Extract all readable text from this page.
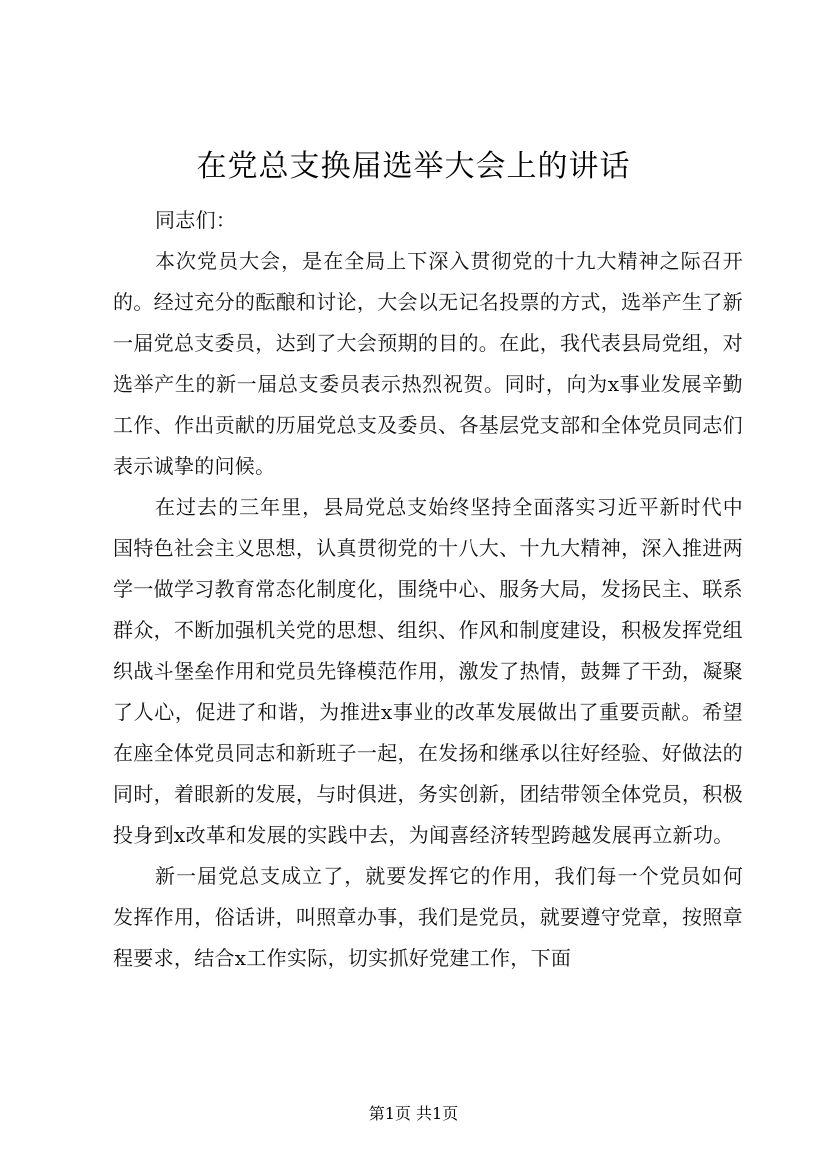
在党总支换届选举大会上的讲话

同志们：

本次党员大会，是在全局上下深入贯彻党的十九大精神之际召开的。经过充分的酝酿和讨论，大会以无记名投票的方式，选举产生了新一届党总支委员，达到了大会预期的目的。在此，我代表县局党组，对选举产生的新一届总支委员表示热烈祝贺。同时，向为x事业发展辛勤工作、作出贡献的历届党总支及委员、各基层党支部和全体党员同志们表示诚挚的问候。

在过去的三年里，县局党总支始终坚持全面落实习近平新时代中国特色社会主义思想，认真贯彻党的十八大、十九大精神，深入推进两学一做学习教育常态化制度化，围绕中心、服务大局，发扬民主、联系群众，不断加强机关党的思想、组织、作风和制度建设，积极发挥党组织战斗堡垒作用和党员先锋模范作用，激发了热情，鼓舞了干劲，凝聚了人心，促进了和谐，为推进x事业的改革发展做出了重要贡献。希望在座全体党员同志和新班子一起，在发扬和继承以往好经验、好做法的同时，着眼新的发展，与时俱进，务实创新，团结带领全体党员，积极投身到x改革和发展的实践中去，为闻喜经济转型跨越发展再立新功。

新一届党总支成立了，就要发挥它的作用，我们每一个党员如何发挥作用，俗话讲，叫照章办事，我们是党员，就要遵守党章，按照章程要求，结合x工作实际，切实抓好党建工作，下面

第1页 共1页
